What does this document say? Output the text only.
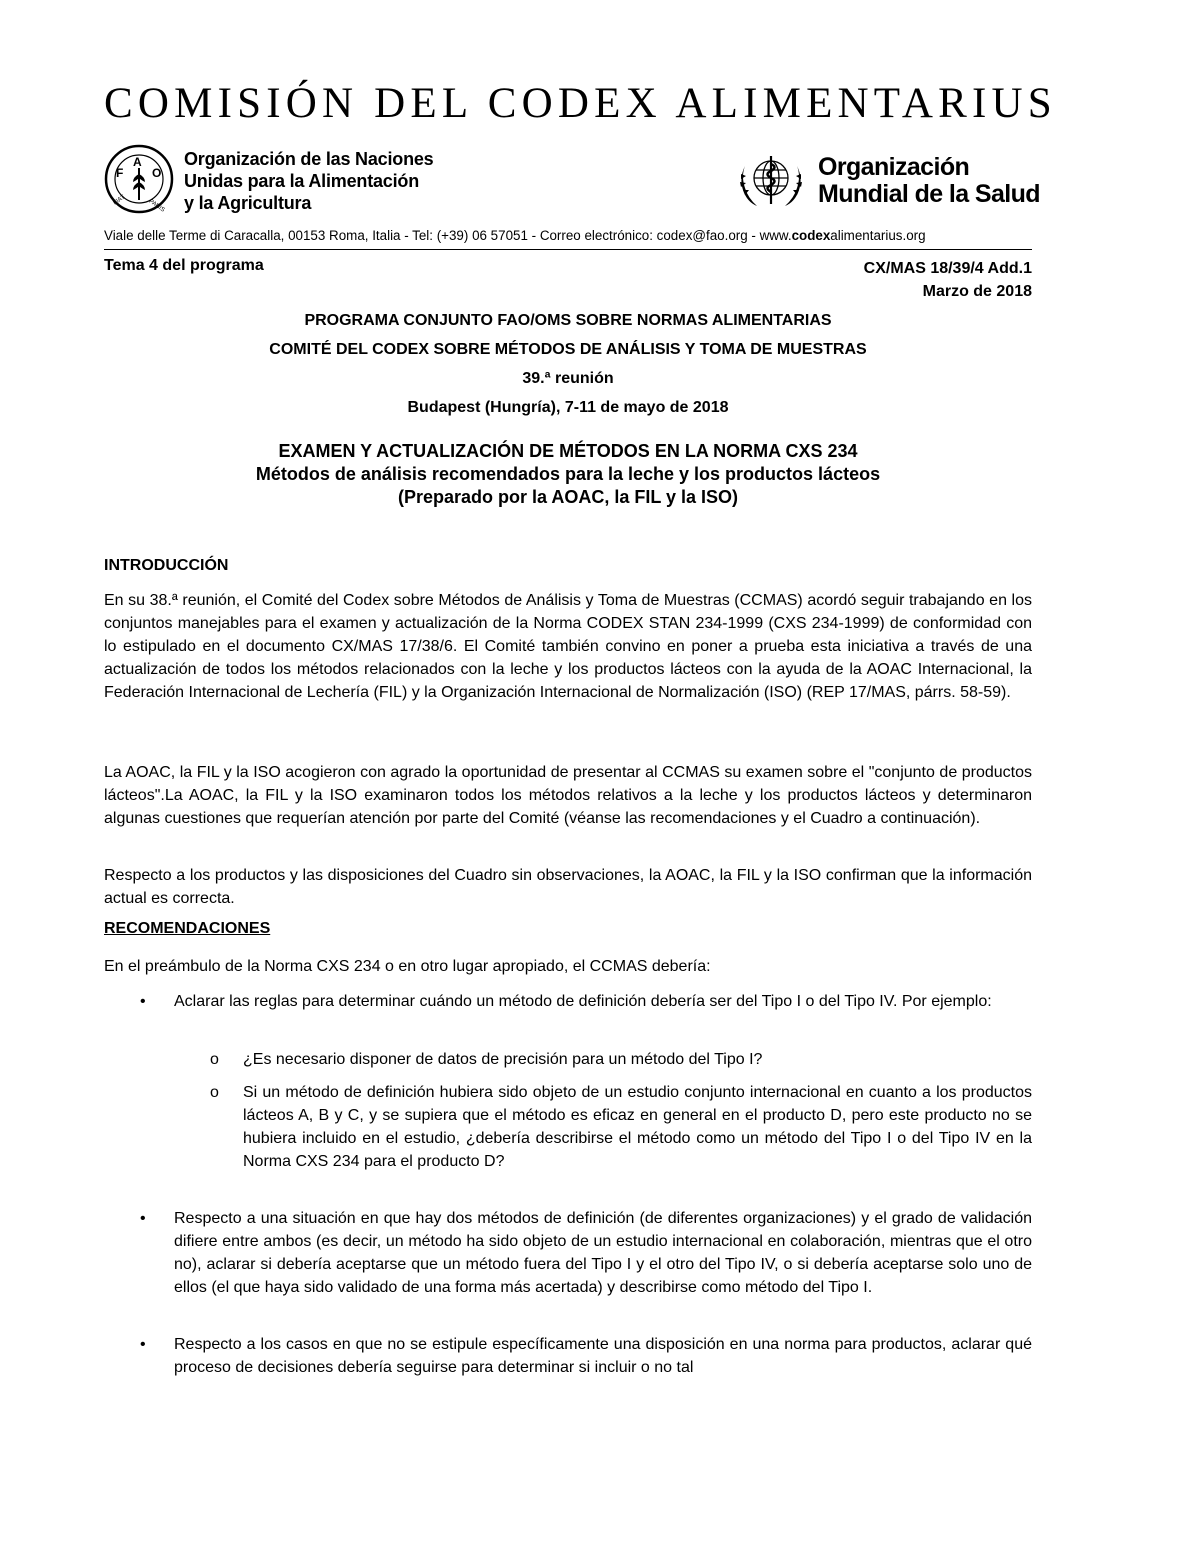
COMISIÓN DEL CODEX ALIMENTARIUS
F
A
O
FIAT	PANIS
Organización de las Naciones
Unidas para la Alimentación
y la Agricultura
Organización
Mundial de la Salud
Viale delle Terme di Caracalla, 00153 Roma, Italia - Tel: (+39) 06 57051 - Correo electrónico: codex@fao.org - www.codexalimentarius.org
Tema 4 del programa	CX/MAS 18/39/4 Add.1
Marzo de 2018
PROGRAMA CONJUNTO FAO/OMS SOBRE NORMAS ALIMENTARIAS
COMITÉ DEL CODEX SOBRE MÉTODOS DE ANÁLISIS Y TOMA DE MUESTRAS
39.ª reunión
Budapest (Hungría), 7-11 de mayo de 2018
EXAMEN Y ACTUALIZACIÓN DE MÉTODOS EN LA NORMA CXS 234
Métodos de análisis recomendados para la leche y los productos lácteos
(Preparado por la AOAC, la FIL y la ISO)
INTRODUCCIÓN
En su 38.ª reunión, el Comité del Codex sobre Métodos de Análisis y Toma de Muestras (CCMAS) acordó seguir trabajando en los conjuntos manejables para el examen y actualización de la Norma CODEX STAN 234-1999 (CXS 234-1999) de conformidad con lo estipulado en el documento CX/MAS 17/38/6. El Comité también convino en poner a prueba esta iniciativa a través de una actualización de todos los métodos relacionados con la leche y los productos lácteos con la ayuda de la AOAC Internacional, la Federación Internacional de Lechería (FIL) y la Organización Internacional de Normalización (ISO) (REP 17/MAS, párrs. 58-59).
La AOAC, la FIL y la ISO acogieron con agrado la oportunidad de presentar al CCMAS su examen sobre el "conjunto de productos lácteos".La AOAC, la FIL y la ISO examinaron todos los métodos relativos a la leche y los productos lácteos y determinaron algunas cuestiones que requerían atención por parte del Comité (véanse las recomendaciones y el Cuadro a continuación).
Respecto a los productos y las disposiciones del Cuadro sin observaciones, la AOAC, la FIL y la ISO confirman que la información actual es correcta.
RECOMENDACIONES
En el preámbulo de la Norma CXS 234 o en otro lugar apropiado, el CCMAS debería:
• Aclarar las reglas para determinar cuándo un método de definición debería ser del Tipo I o del Tipo IV. Por ejemplo:
o ¿Es necesario disponer de datos de precisión para un método del Tipo I?
o Si un método de definición hubiera sido objeto de un estudio conjunto internacional en cuanto a los productos lácteos A, B y C, y se supiera que el método es eficaz en general en el producto D, pero este producto no se hubiera incluido en el estudio, ¿debería describirse el método como un método del Tipo I o del Tipo IV en la Norma CXS 234 para el producto D?
• Respecto a una situación en que hay dos métodos de definición (de diferentes organizaciones) y el grado de validación difiere entre ambos (es decir, un método ha sido objeto de un estudio internacional en colaboración, mientras que el otro no), aclarar si debería aceptarse que un método fuera del Tipo I y el otro del Tipo IV, o si debería aceptarse solo uno de ellos (el que haya sido validado de una forma más acertada) y describirse como método del Tipo I.
• Respecto a los casos en que no se estipule específicamente una disposición en una norma para productos, aclarar qué proceso de decisiones debería seguirse para determinar si incluir o no tal
